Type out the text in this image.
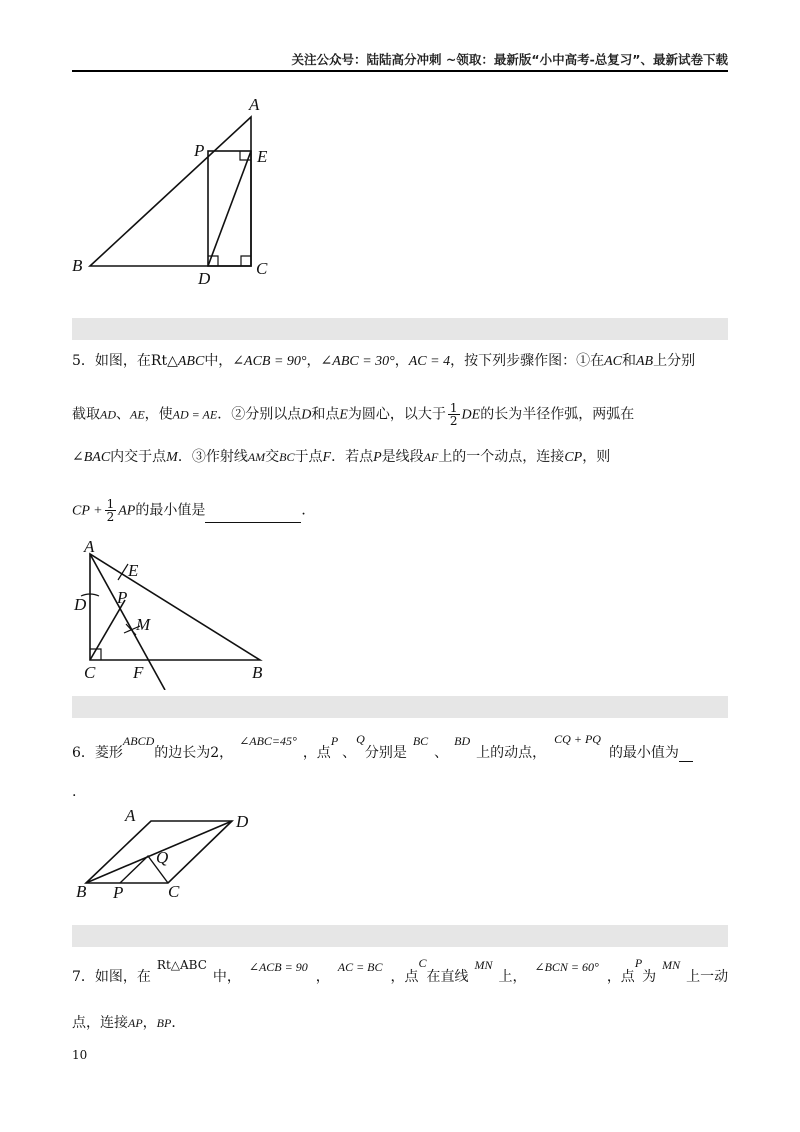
关注公众号：陆陆高分冲刺 ~领取：最新版“小中高考-总复习”、最新试卷下载
A
P	E
B
D
C
5．如图，在Rt△ABC中，∠ACB = 90°，∠ABC = 30°，AC = 4，按下列步骤作图：①在AC和AB上分别
截取AD、AE，使AD = AE．②分别以点D和点E为圆心，以大于 $\frac{1}{2}$ DE的长为半径作弧，两弧在
∠BAC内交于点M．③作射线AM交BC于点F．若点P是线段AF上的一个动点，连接CP，则
CP + $\frac{1}{2}$ AP的最小值是	．
A
E
D P
M
C F	B
6．菱形ABCD的边长为2，∠ABC=45°，点P、Q分别是BC、BD上的动点，CQ + PQ的最小值为
.
A	D
Q
B P	C
7．如图，在Rt△ABC中，∠ACB = 90，AC = BC，点C在直线MN上，∠BCN = 60°，点P为MN上一动
点，连接AP，BP．
10
